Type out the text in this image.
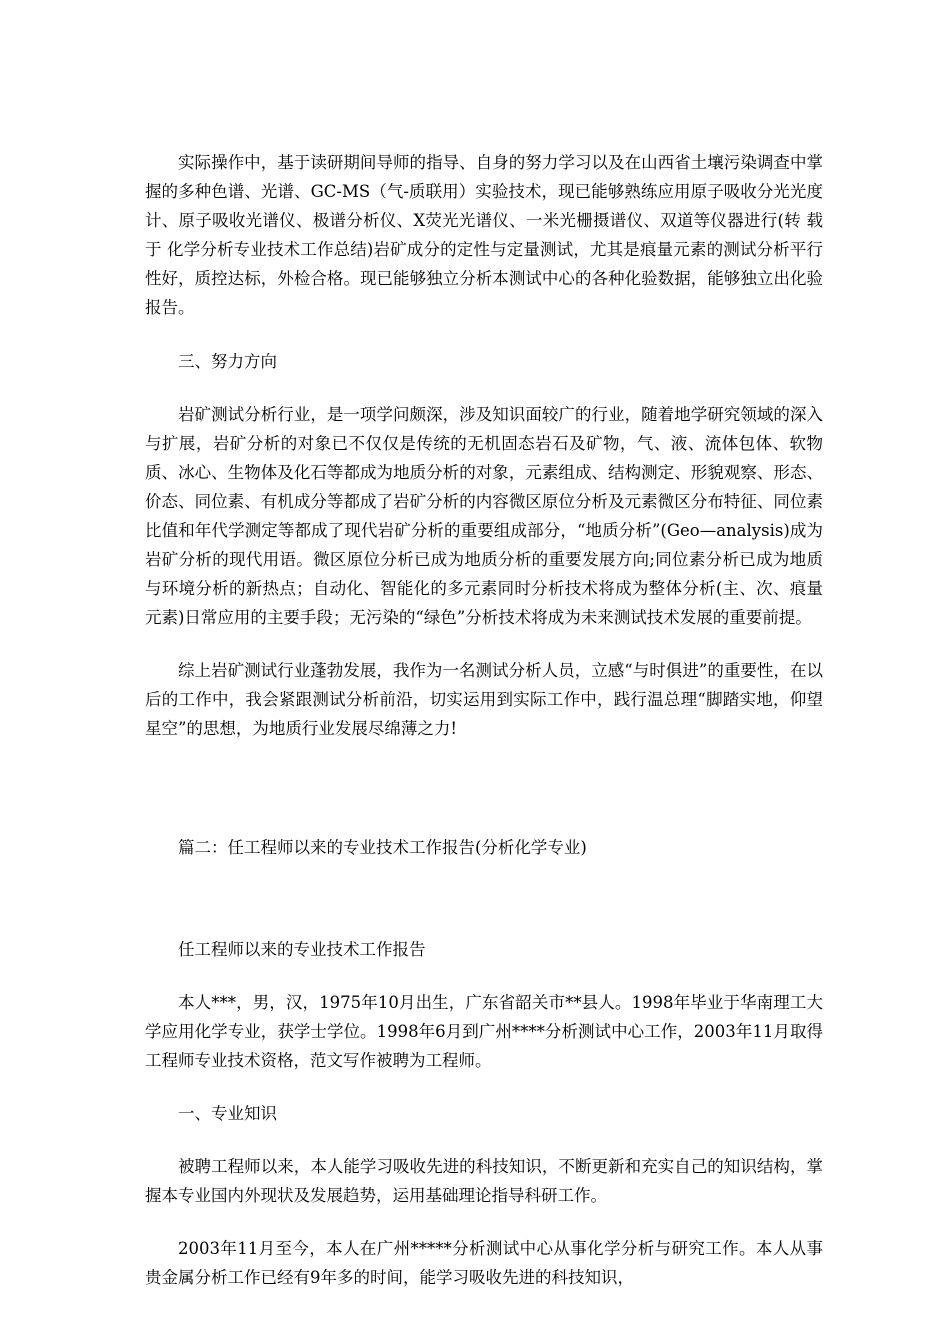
实际操作中，基于读研期间导师的指导、自身的努力学习以及在山西省土壤污染调查中掌握的多种色谱、光谱、GC-MS（气-质联用）实验技术，现已能够熟练应用原子吸收分光光度计、原子吸收光谱仪、极谱分析仪、X荧光光谱仪、一米光栅摄谱仪、双道等仪器进行(转 载于 化学分析专业技术工作总结)岩矿成分的定性与定量测试，尤其是痕量元素的测试分析平行性好，质控达标，外检合格。现已能够独立分析本测试中心的各种化验数据，能够独立出化验报告。

三、努力方向

岩矿测试分析行业，是一项学问颇深，涉及知识面较广的行业，随着地学研究领域的深入与扩展，岩矿分析的对象已不仅仅是传统的无机固态岩石及矿物，气、液、流体包体、软物质、冰心、生物体及化石等都成为地质分析的对象，元素组成、结构测定、形貌观察、形态、价态、同位素、有机成分等都成了岩矿分析的内容微区原位分析及元素微区分布特征、同位素比值和年代学测定等都成了现代岩矿分析的重要组成部分，“地质分析”(Geo—analysis)成为岩矿分析的现代用语。微区原位分析已成为地质分析的重要发展方向;同位素分析已成为地质与环境分析的新热点；自动化、智能化的多元素同时分析技术将成为整体分析(主、次、痕量元素)日常应用的主要手段；无污染的“绿色”分析技术将成为未来测试技术发展的重要前提。

综上岩矿测试行业蓬勃发展，我作为一名测试分析人员，立感“与时俱进”的重要性，在以后的工作中，我会紧跟测试分析前沿，切实运用到实际工作中，践行温总理“脚踏实地，仰望星空”的思想，为地质行业发展尽绵薄之力!

篇二：任工程师以来的专业技术工作报告(分析化学专业)

任工程师以来的专业技术工作报告

本人***，男，汉，1975年10月出生，广东省韶关市**县人。1998年毕业于华南理工大学应用化学专业，获学士学位。1998年6月到广州****分析测试中心工作，2003年11月取得工程师专业技术资格，范文写作被聘为工程师。

一、专业知识

被聘工程师以来，本人能学习吸收先进的科技知识，不断更新和充实自己的知识结构，掌握本专业国内外现状及发展趋势，运用基础理论指导科研工作。

2003年11月至今，本人在广州*****分析测试中心从事化学分析与研究工作。本人从事贵金属分析工作已经有9年多的时间，能学习吸收先进的科技知识，
